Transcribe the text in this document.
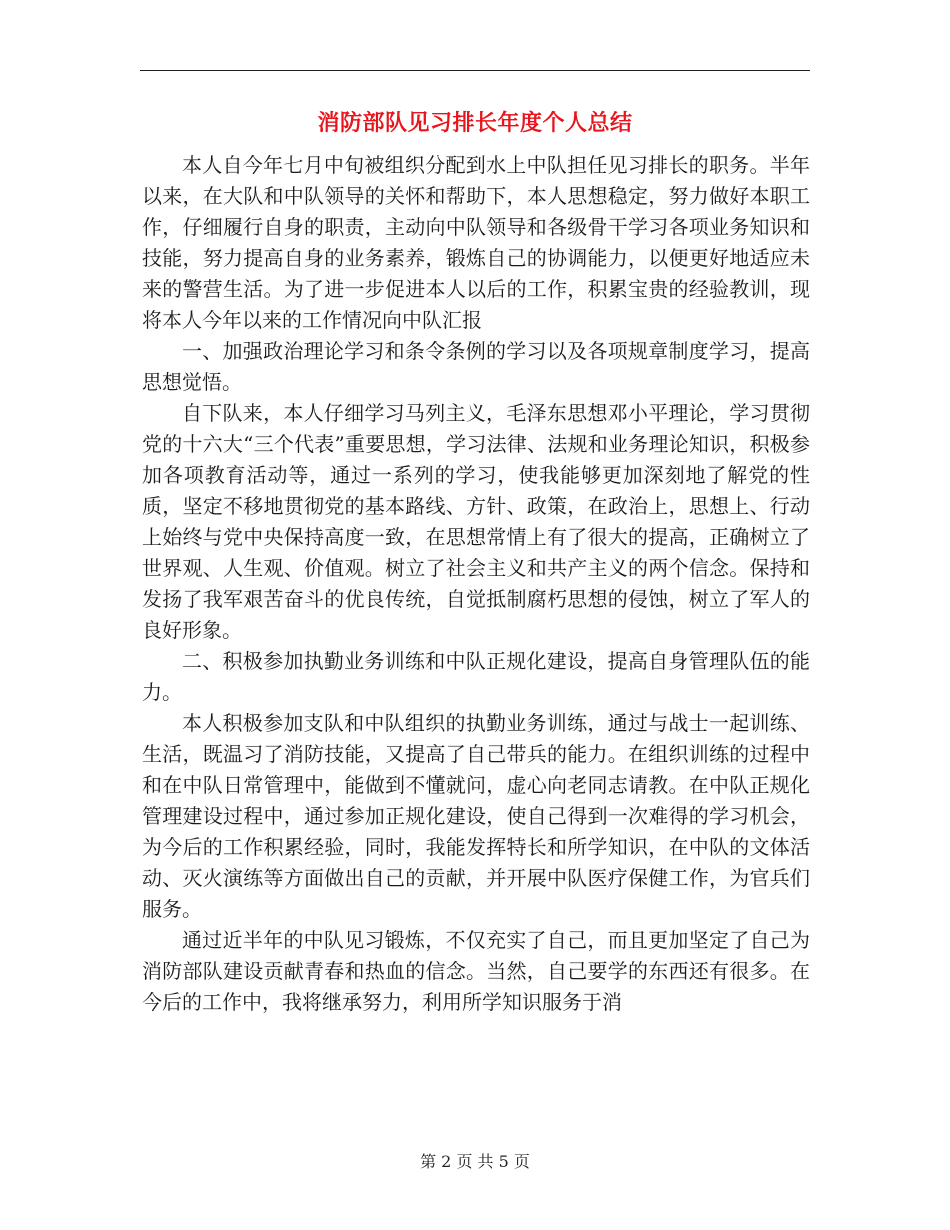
消防部队见习排长年度个人总结

本人自今年七月中旬被组织分配到水上中队担任见习排长的职务。半年以来，在大队和中队领导的关怀和帮助下，本人思想稳定，努力做好本职工作，仔细履行自身的职责，主动向中队领导和各级骨干学习各项业务知识和技能，努力提高自身的业务素养，锻炼自己的协调能力，以便更好地适应未来的警营生活。为了进一步促进本人以后的工作，积累宝贵的经验教训，现将本人今年以来的工作情况向中队汇报

一、加强政治理论学习和条令条例的学习以及各项规章制度学习，提高思想觉悟。

自下队来，本人仔细学习马列主义，毛泽东思想邓小平理论，学习贯彻党的十六大“三个代表”重要思想，学习法律、法规和业务理论知识，积极参加各项教育活动等，通过一系列的学习，使我能够更加深刻地了解党的性质，坚定不移地贯彻党的基本路线、方针、政策，在政治上，思想上、行动上始终与党中央保持高度一致，在思想常情上有了很大的提高，正确树立了世界观、人生观、价值观。树立了社会主义和共产主义的两个信念。保持和发扬了我军艰苦奋斗的优良传统，自觉抵制腐朽思想的侵蚀，树立了军人的良好形象。

二、积极参加执勤业务训练和中队正规化建设，提高自身管理队伍的能力。

本人积极参加支队和中队组织的执勤业务训练，通过与战士一起训练、生活，既温习了消防技能，又提高了自己带兵的能力。在组织训练的过程中和在中队日常管理中，能做到不懂就问，虚心向老同志请教。在中队正规化管理建设过程中，通过参加正规化建设，使自己得到一次难得的学习机会，为今后的工作积累经验，同时，我能发挥特长和所学知识，在中队的文体活动、灭火演练等方面做出自己的贡献，并开展中队医疗保健工作，为官兵们服务。

通过近半年的中队见习锻炼，不仅充实了自己，而且更加坚定了自己为消防部队建设贡献青春和热血的信念。当然，自己要学的东西还有很多。在今后的工作中，我将继承努力，利用所学知识服务于消

第 2 页 共 5 页
